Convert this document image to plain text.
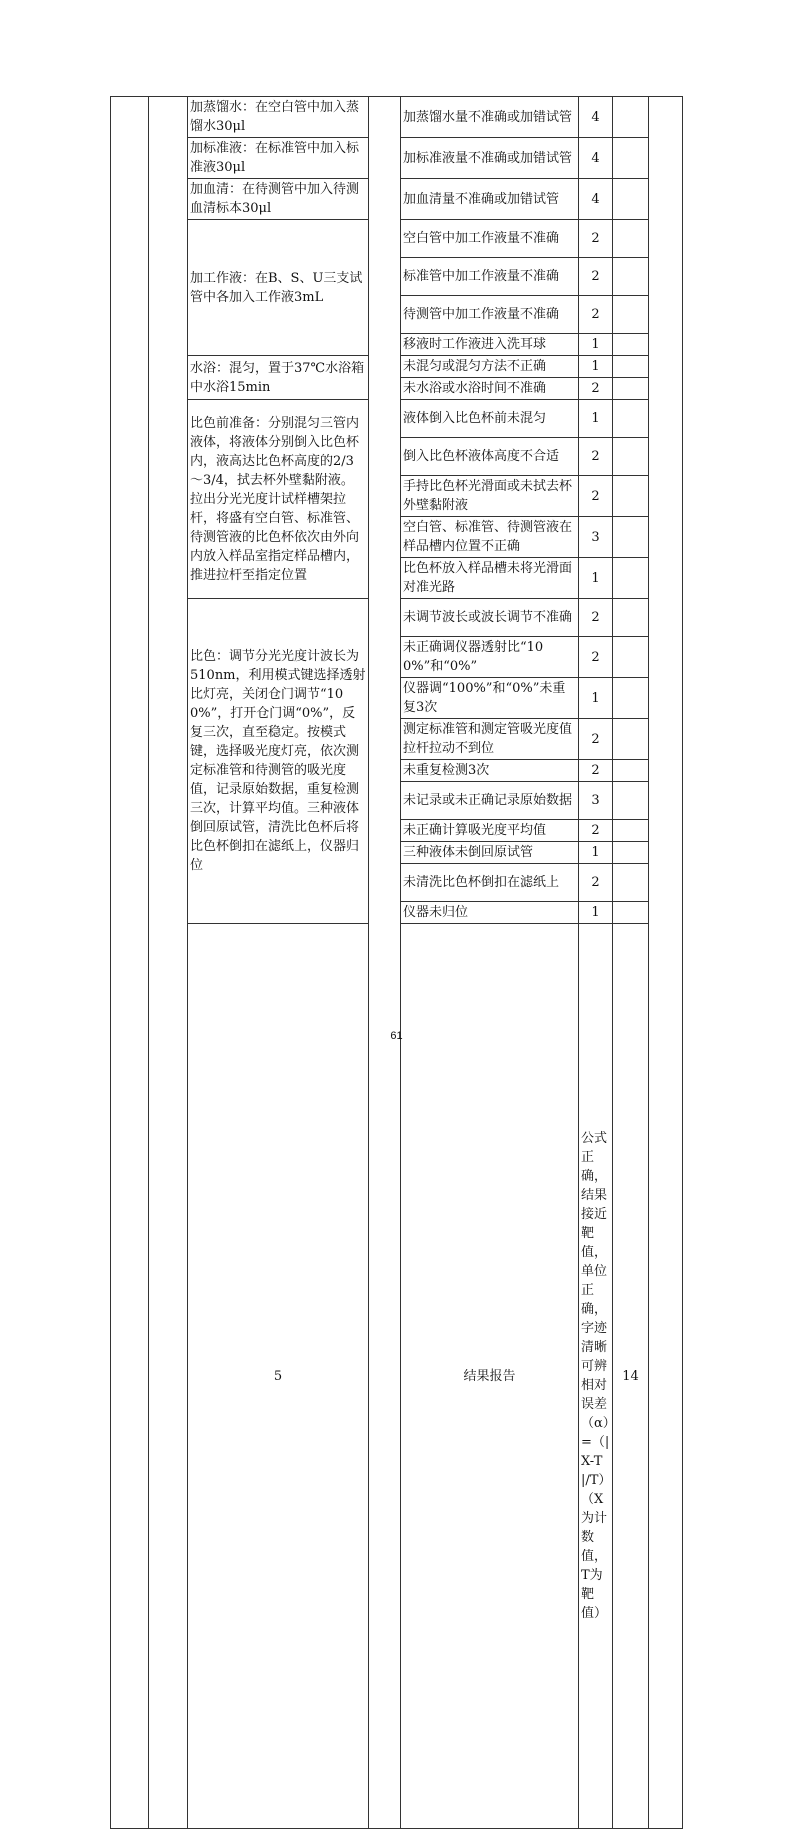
		加蒸馏水：在空白管中加入蒸馏水30μl		加蒸馏水量不准确或加错试管	4			
		加标准液：在标准管中加入标准液30μl		加标准液量不准确或加错试管	4			
		加血清：在待测管中加入待测血清标本30μl		加血清量不准确或加错试管	4			
		加工作液：在B、S、U三支试管中各加入工作液3mL		空白管中加工作液量不准确	2			
				标准管中加工作液量不准确	2			
				待测管中加工作液量不准确	2			
				移液时工作液进入洗耳球	1			
		水浴：混匀，置于37℃水浴箱中水浴15min		未混匀或混匀方法不正确	1			
				未水浴或水浴时间不准确	2			
		比色前准备：分别混匀三管内液体，将液体分别倒入比色杯内，液高达比色杯高度的2/3～3/4，拭去杯外壁黏附液。拉出分光光度计试样槽架拉杆，将盛有空白管、标准管、待测管液的比色杯依次由外向内放入样品室指定样品槽内，推进拉杆至指定位置		液体倒入比色杯前未混匀	1			
				倒入比色杯液体高度不合适	2			
				手持比色杯光滑面或未拭去杯外壁黏附液	2			
				空白管、标准管、待测管液在样品槽内位置不正确	3			
				比色杯放入样品槽未将光滑面对准光路	1			
		比色：调节分光光度计波长为510nm，利用模式键选择透射比灯亮，关闭仓门调节“100%”，打开仓门调“0%”，反复三次，直至稳定。按模式键，选择吸光度灯亮，依次测定标准管和待测管的吸光度值，记录原始数据，重复检测三次，计算平均值。三种液体倒回原试管，清洗比色杯后将比色杯倒扣在滤纸上，仪器归位		未调节波长或波长调节不准确	2			
				未正确调仪器透射比“100%”和“0%”	2			
				仪器调“100%”和“0%”未重复3次	1			
				测定标准管和测定管吸光度值拉杆拉动不到位	2			
				未重复检测3次	2			
				未记录或未正确记录原始数据	3			
				未正确计算吸光度平均值	2			
				三种液体未倒回原试管	1			
				未清洗比色杯倒扣在滤纸上	2			
				仪器未归位	1			
		5		结果报告	公式正确，结果接近靶值，单位正确，字迹清晰可辨
相对误差（α）=（|X-T|/T）
（X为计数值，T为靶值）	14				

61
